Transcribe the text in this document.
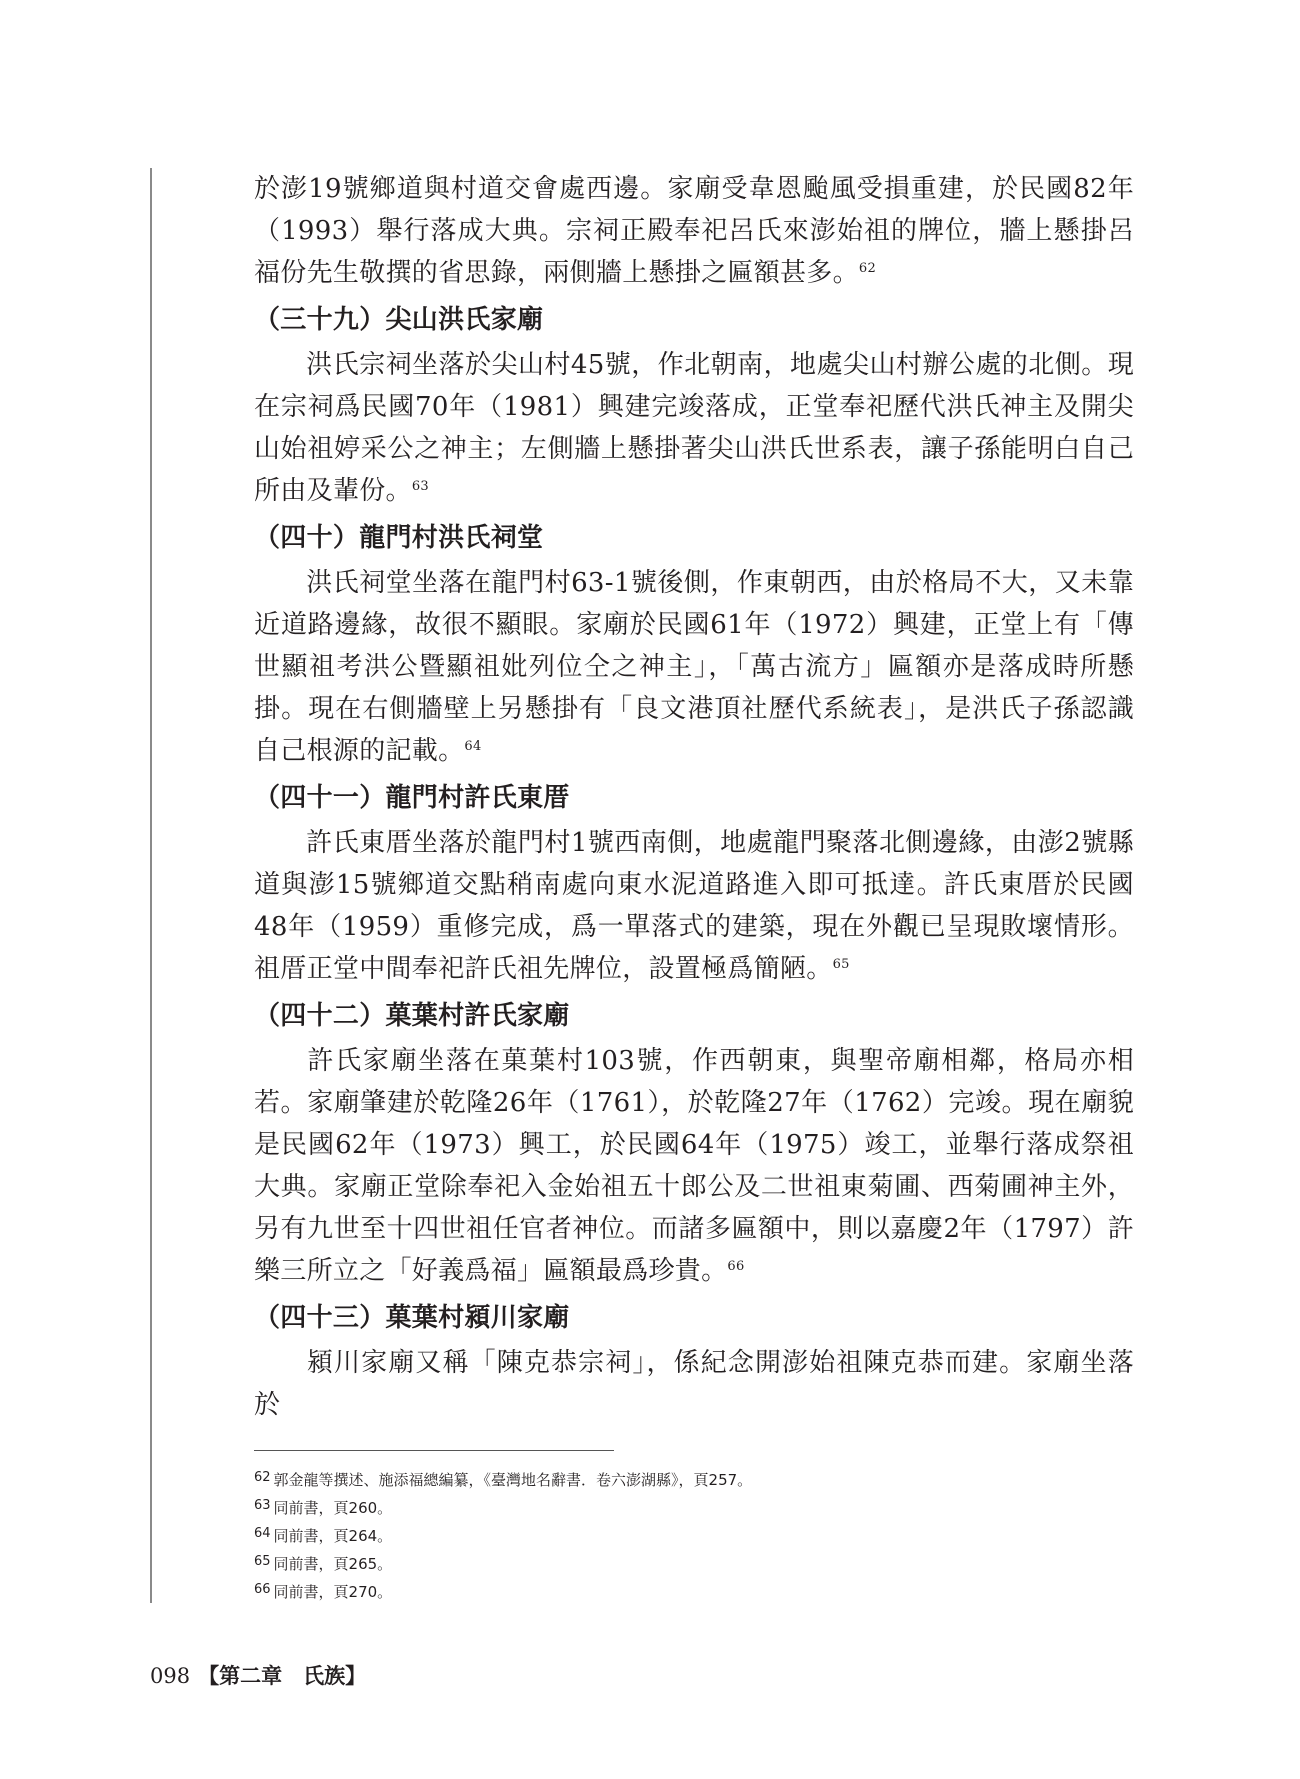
於澎19號鄉道與村道交會處西邊。家廟受韋恩颱風受損重建，於民國82年（1993）舉行落成大典。宗祠正殿奉祀呂氏來澎始祖的牌位，牆上懸掛呂福份先生敬撰的省思錄，兩側牆上懸掛之匾額甚多。$^{62}$

（三十九）尖山洪氏家廟

洪氏宗祠坐落於尖山村45號，作北朝南，地處尖山村辦公處的北側。現在宗祠爲民國70年（1981）興建完竣落成，正堂奉祀歷代洪氏神主及開尖山始祖婷采公之神主；左側牆上懸掛著尖山洪氏世系表，讓子孫能明白自己所由及輩份。$^{63}$

（四十）龍門村洪氏祠堂

洪氏祠堂坐落在龍門村63-1號後側，作東朝西，由於格局不大，又未靠近道路邊緣，故很不顯眼。家廟於民國61年（1972）興建，正堂上有「傳世顯祖考洪公暨顯祖妣列位仝之神主」，「萬古流方」匾額亦是落成時所懸掛。現在右側牆壁上另懸掛有「良文港頂社歷代系統表」，是洪氏子孫認識自己根源的記載。$^{64}$

（四十一）龍門村許氏東厝

許氏東厝坐落於龍門村1號西南側，地處龍門聚落北側邊緣，由澎2號縣道與澎15號鄉道交點稍南處向東水泥道路進入即可抵達。許氏東厝於民國48年（1959）重修完成，爲一單落式的建築，現在外觀已呈現敗壞情形。祖厝正堂中間奉祀許氏祖先牌位，設置極爲簡陋。$^{65}$

（四十二）菓葉村許氏家廟

許氏家廟坐落在菓葉村103號，作西朝東，與聖帝廟相鄰，格局亦相若。家廟肇建於乾隆26年（1761），於乾隆27年（1762）完竣。現在廟貌是民國62年（1973）興工，於民國64年（1975）竣工，並舉行落成祭祖大典。家廟正堂除奉祀入金始祖五十郎公及二世祖東菊圃、西菊圃神主外，另有九世至十四世祖任官者神位。而諸多匾額中，則以嘉慶2年（1797）許樂三所立之「好義爲福」匾額最爲珍貴。$^{66}$

（四十三）菓葉村潁川家廟

潁川家廟又稱「陳克恭宗祠」，係紀念開澎始祖陳克恭而建。家廟坐落於

62 郭金龍等撰述、施添福總編纂，《臺灣地名辭書．卷六澎湖縣》，頁257。

63 同前書，頁260。

64 同前書，頁264。

65 同前書，頁265。

66 同前書，頁270。

098 【第二章　氏族】
